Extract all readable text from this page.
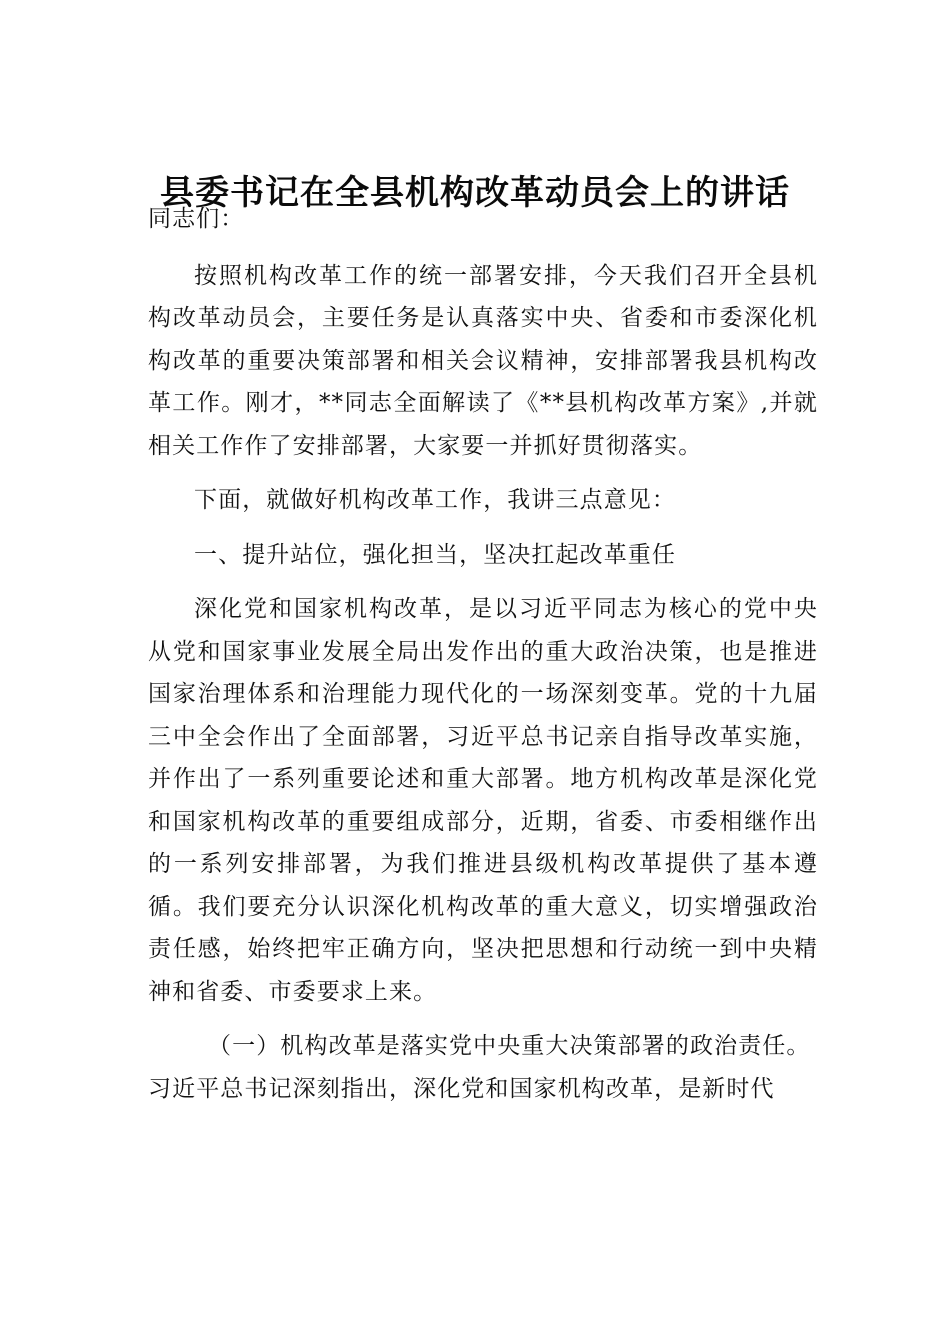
县委书记在全县机构改革动员会上的讲话

同志们：

按照机构改革工作的统一部署安排，今天我们召开全县机构改革动员会，主要任务是认真落实中央、省委和市委深化机构改革的重要决策部署和相关会议精神，安排部署我县机构改革工作。刚才，**同志全面解读了《**县机构改革方案》,并就相关工作作了安排部署，大家要一并抓好贯彻落实。

下面，就做好机构改革工作，我讲三点意见：

一、提升站位，强化担当，坚决扛起改革重任

深化党和国家机构改革，是以习近平同志为核心的党中央从党和国家事业发展全局出发作出的重大政治决策，也是推进国家治理体系和治理能力现代化的一场深刻变革。党的十九届三中全会作出了全面部署，习近平总书记亲自指导改革实施，并作出了一系列重要论述和重大部署。地方机构改革是深化党和国家机构改革的重要组成部分，近期，省委、市委相继作出的一系列安排部署，为我们推进县级机构改革提供了基本遵循。我们要充分认识深化机构改革的重大意义，切实增强政治责任感，始终把牢正确方向，坚决把思想和行动统一到中央精神和省委、市委要求上来。

（一）机构改革是落实党中央重大决策部署的政治责任。
习近平总书记深刻指出，深化党和国家机构改革，是新时代
